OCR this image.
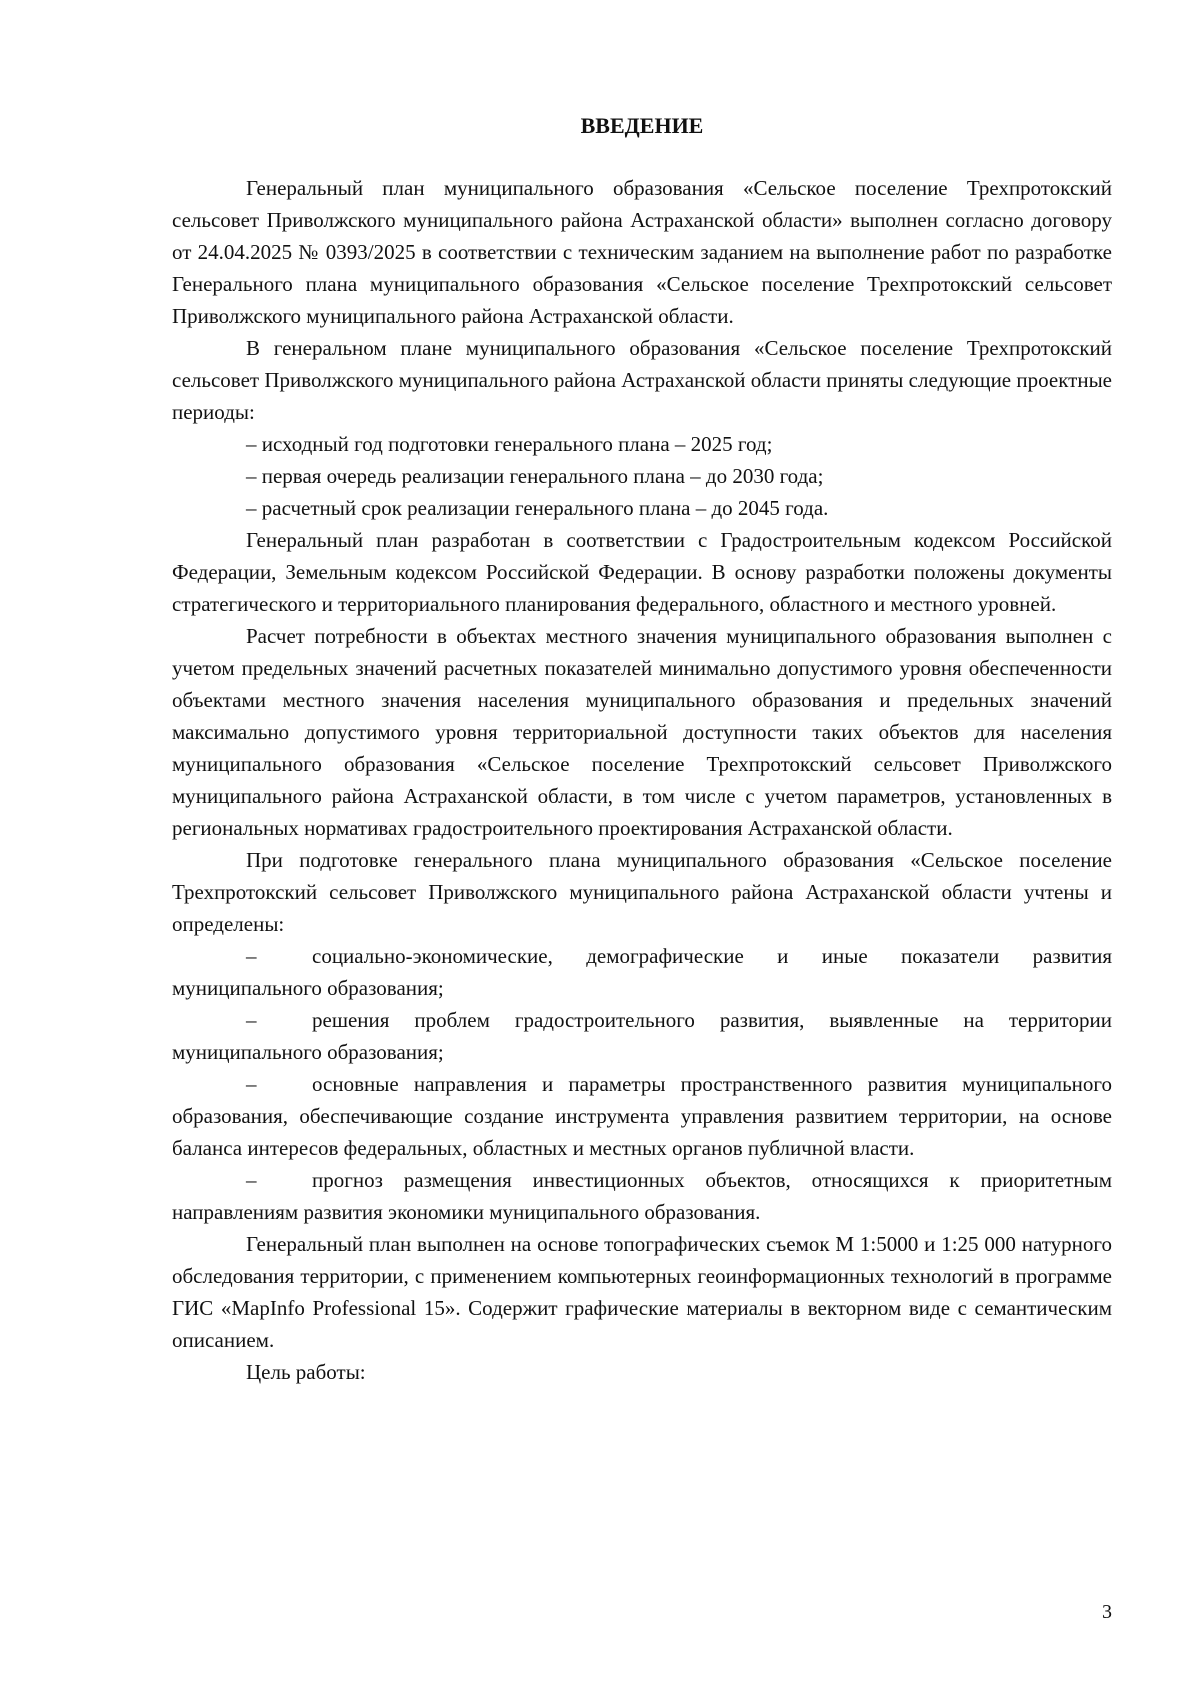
ВВЕДЕНИЕ

Генеральный план муниципального образования «Сельское поселение Трехпротокский сельсовет Приволжского муниципального района Астраханской области» выполнен согласно договору от 24.04.2025 № 0393/2025 в соответствии с техническим заданием на выполнение работ по разработке Генерального плана муниципального образования «Сельское поселение Трехпротокский сельсовет Приволжского муниципального района Астраханской области.

В генеральном плане муниципального образования «Сельское поселение Трехпротокский сельсовет Приволжского муниципального района Астраханской области приняты следующие проектные периоды:

– исходный год подготовки генерального плана – 2025 год;

– первая очередь реализации генерального плана – до 2030 года;

– расчетный срок реализации генерального плана – до 2045 года.

Генеральный план разработан в соответствии с Градостроительным кодексом Российской Федерации, Земельным кодексом Российской Федерации. В основу разработки положены документы стратегического и территориального планирования федерального, областного и местного уровней.

Расчет потребности в объектах местного значения муниципального образования выполнен с учетом предельных значений расчетных показателей минимально допустимого уровня обеспеченности объектами местного значения населения муниципального образования и предельных значений максимально допустимого уровня территориальной доступности таких объектов для населения муниципального образования «Сельское поселение Трехпротокский сельсовет Приволжского муниципального района Астраханской области, в том числе с учетом параметров, установленных в региональных нормативах градостроительного проектирования Астраханской области.

При подготовке генерального плана муниципального образования «Сельское поселение Трехпротокский сельсовет Приволжского муниципального района Астраханской области учтены и определены:

–	социально-экономические, демографические и иные показатели развития муниципального образования;

–	решения проблем градостроительного развития, выявленные на территории муниципального образования;

–	основные направления и параметры пространственного развития муниципального образования, обеспечивающие создание инструмента управления развитием территории, на основе баланса интересов федеральных, областных и местных органов публичной власти.

–	прогноз размещения инвестиционных объектов, относящихся к приоритетным направлениям развития экономики муниципального образования.

Генеральный план выполнен на основе топографических съемок М 1:5000 и 1:25 000 натурного обследования территории, с применением компьютерных геоинформационных технологий в программе ГИС «MapInfo Professional 15». Содержит графические материалы в векторном виде с семантическим описанием.

Цель работы:

3
